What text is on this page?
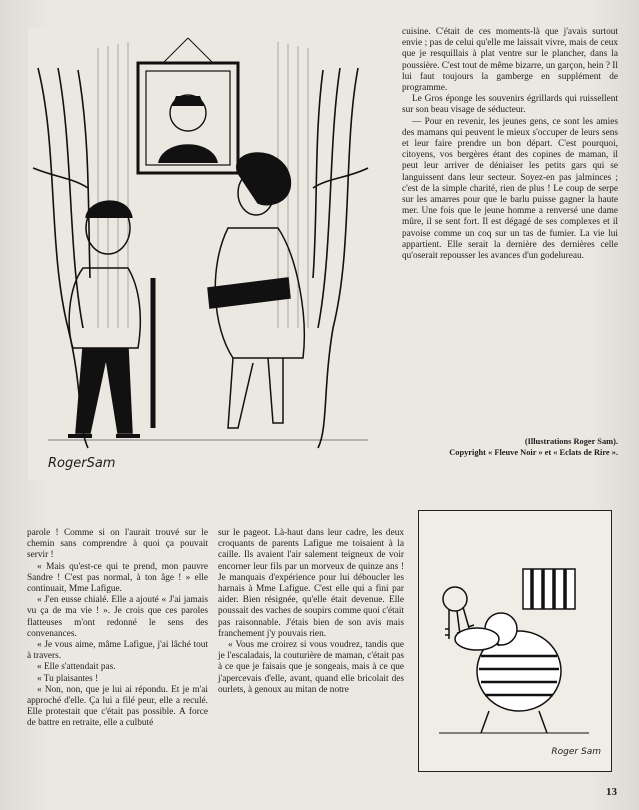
RogerSam

cuisine. C'était de ces moments-là que j'avais surtout envie ; pas de celui qu'elle me laissait vivre, mais de ceux que je resquillais à plat ventre sur le plancher, dans la poussière. C'est tout de même bizarre, un garçon, hein ? Il lui faut toujours la gamberge en supplément de programme.

Le Gros éponge les souvenirs égrillards qui ruissellent sur son beau visage de séducteur.

— Pour en revenir, les jeunes gens, ce sont les amies des mamans qui peuvent le mieux s'occuper de leurs sens et leur faire prendre un bon départ. C'est pourquoi, citoyens, vos bergères étant des copines de maman, il peut leur arriver de déniaiser les petits gars qui se languissent dans leur secteur. Soyez-en pas jalminces ; c'est de la simple charité, rien de plus ! Le coup de serpe sur les amarres pour que le barlu puisse gagner la haute mer. Une fois que le jeune homme a renversé une dame mûre, il se sent fort. Il est dégagé de ses complexes et il pavoise comme un coq sur un tas de fumier. La vie lui appartient. Elle serait la dernière des dernières celle qu'oserait repousser les avances d'un godelureau.

(Illustrations Roger Sam).

Copyright « Fleuve Noir » et « Eclats de Rire ».

parole ! Comme si on l'aurait trouvé sur le chemin sans comprendre à quoi ça pouvait servir !

« Mais qu'est-ce qui te prend, mon pauvre Sandre ! C'est pas normal, à ton âge ! » elle continuait, Mme Lafigue.

« J'en eusse chialé. Elle a ajouté « J'ai jamais vu ça de ma vie ! ». Je crois que ces paroles flatteuses m'ont redonné le sens des convenances.

« Je vous aime, mâme Lafigue, j'ai lâché tout à travers.

« Elle s'attendait pas.

« Tu plaisantes !

« Non, non, que je lui ai répondu. Et je m'ai approché d'elle. Ça lui a filé peur, elle a reculé. Elle protestait que c'était pas possible. A force de battre en retraite, elle a culbuté

sur le pageot. Là-haut dans leur cadre, les deux croquants de parents Lafigue me toisaient à la caille. Ils avaient l'air salement teigneux de voir encorner leur fils par un morveux de quinze ans ! Je manquais d'expérience pour lui déboucler les harnais à Mme Lafigue. C'est elle qui a fini par aider. Bien résignée, qu'elle était devenue. Elle poussait des vaches de soupirs comme quoi c'était pas raisonnable. J'étais bien de son avis mais franchement j'y pouvais rien.

« Vous me croirez si vous voudrez, tandis que je l'escaladais, la couturière de maman, c'était pas à ce que je faisais que je songeais, mais à ce que j'apercevais d'elle, avant, quand elle bricolait des ourlets, à genoux au mitan de notre

Roger Sam
13
